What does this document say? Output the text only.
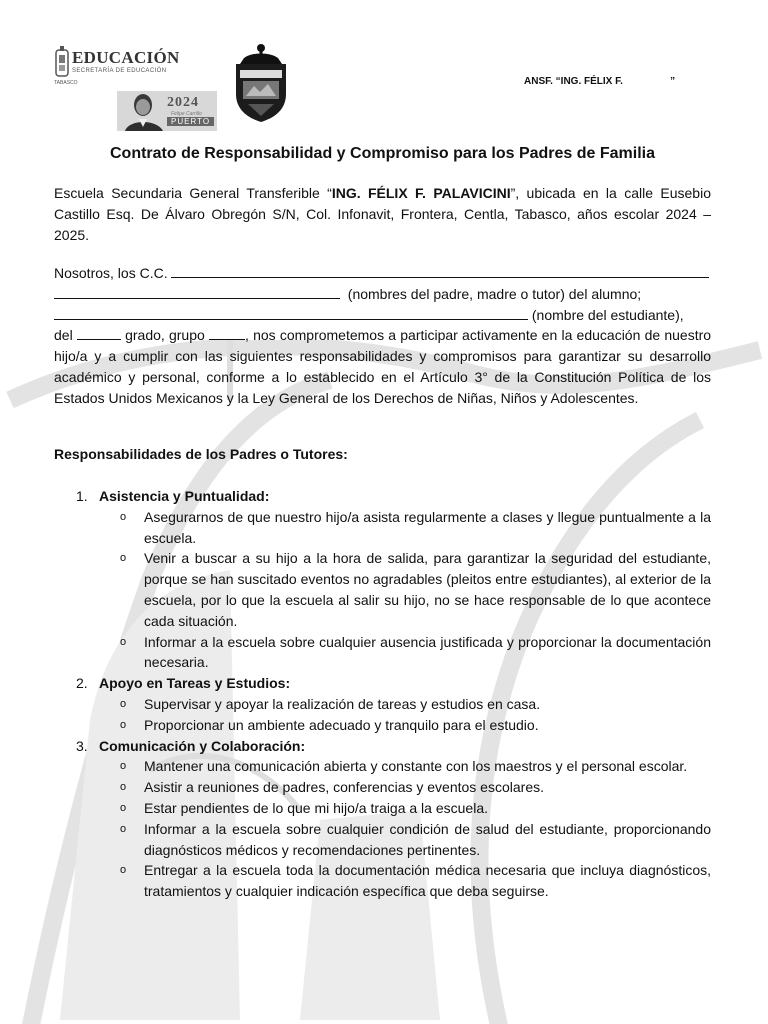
EDUCACIÓN
SECRETARÍA DE EDUCACIÓN
TABASCO
2024
Felipe Carrillo
PUERTO
ANSF. “ING. FÉLIX F.                 ”
Contrato de Responsabilidad y Compromiso para los Padres de Familia

Escuela Secundaria General Transferible “ING. FÉLIX F. PALAVICINI”, ubicada en la calle Eusebio Castillo Esq. De Álvaro Obregón S/N, Col. Infonavit, Frontera, Centla, Tabasco, años escolar 2024 – 2025.

Nosotros, los C.C.
(nombres del padre, madre o tutor) del alumno;
(nombre del estudiante),
del	grado, grupo	, nos comprometemos a participar activamente en la educación de nuestro hijo/a y a cumplir con las siguientes responsabilidades y compromisos para garantizar su desarrollo académico y personal, conforme a lo establecido en el Artículo 3° de la Constitución Política de los Estados Unidos Mexicanos y la Ley General de los Derechos de Niñas, Niños y Adolescentes.

Responsabilidades de los Padres o Tutores:
1. Asistencia y Puntualidad:
o Asegurarnos de que nuestro hijo/a asista regularmente a clases y llegue puntualmente a la escuela.
o Venir a buscar a su hijo a la hora de salida, para garantizar la seguridad del estudiante, porque se han suscitado eventos no agradables (pleitos entre estudiantes), al exterior de la escuela, por lo que la escuela al salir su hijo, no se hace responsable de lo que acontece cada situación.
o Informar a la escuela sobre cualquier ausencia justificada y proporcionar la documentación necesaria.
2. Apoyo en Tareas y Estudios:
o Supervisar y apoyar la realización de tareas y estudios en casa.
o Proporcionar un ambiente adecuado y tranquilo para el estudio.
3. Comunicación y Colaboración:
o Mantener una comunicación abierta y constante con los maestros y el personal escolar.
o Asistir a reuniones de padres, conferencias y eventos escolares.
o Estar pendientes de lo que mi hijo/a traiga a la escuela.
o Informar a la escuela sobre cualquier condición de salud del estudiante, proporcionando diagnósticos médicos y recomendaciones pertinentes.
o Entregar a la escuela toda la documentación médica necesaria que incluya diagnósticos, tratamientos y cualquier indicación específica que deba seguirse.
